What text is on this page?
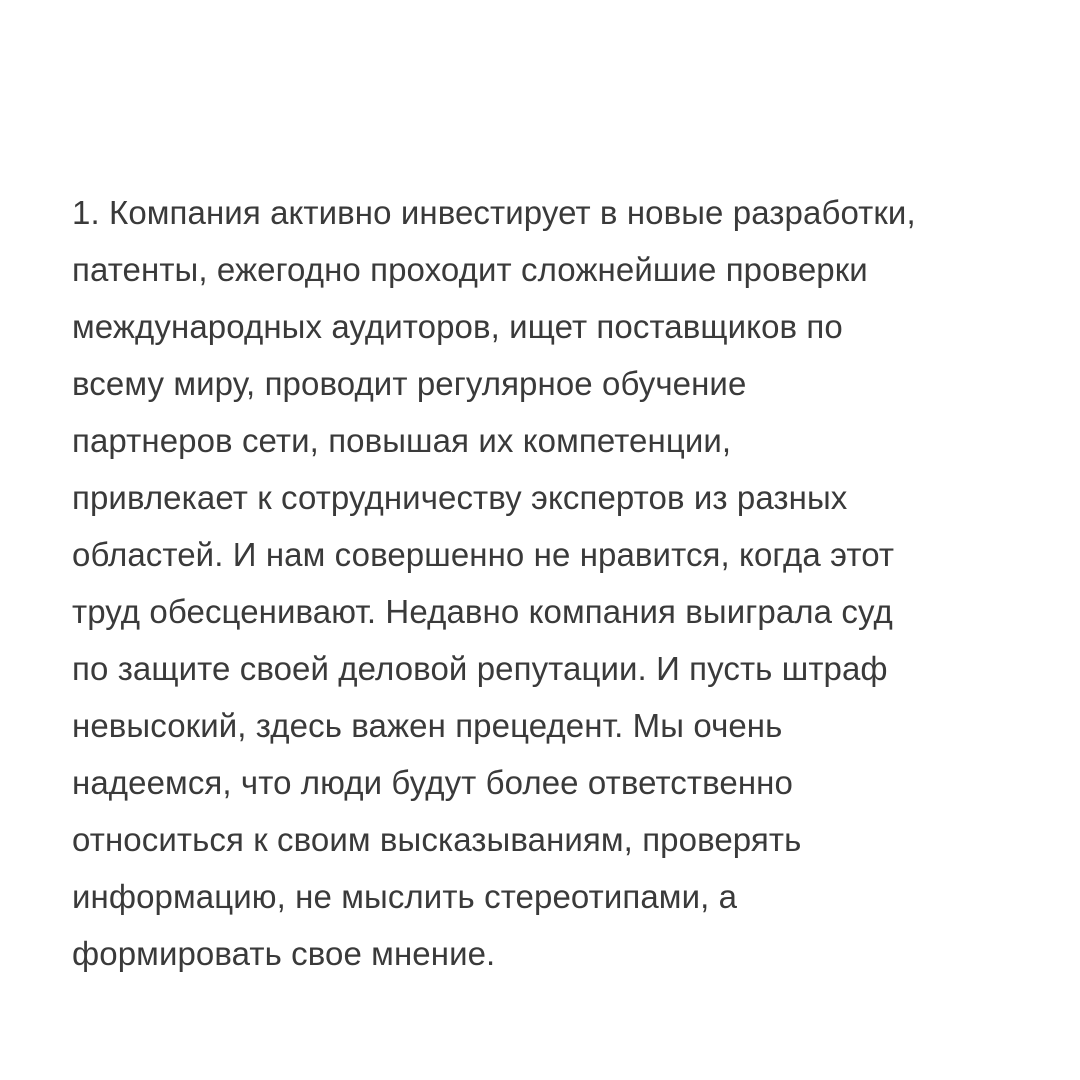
1. Компания активно инвестирует в новые разработки,
патенты, ежегодно проходит сложнейшие проверки
международных аудиторов, ищет поставщиков по
всему миру, проводит регулярное обучение
партнеров сети, повышая их компетенции,
привлекает к сотрудничеству экспертов из разных
областей. И нам совершенно не нравится, когда этот
труд обесценивают. Недавно компания выиграла суд
по защите своей деловой репутации. И пусть штраф
невысокий, здесь важен прецедент. Мы очень
надеемся, что люди будут более ответственно
относиться к своим высказываниям, проверять
информацию, не мыслить стереотипами, а
формировать свое мнение.
